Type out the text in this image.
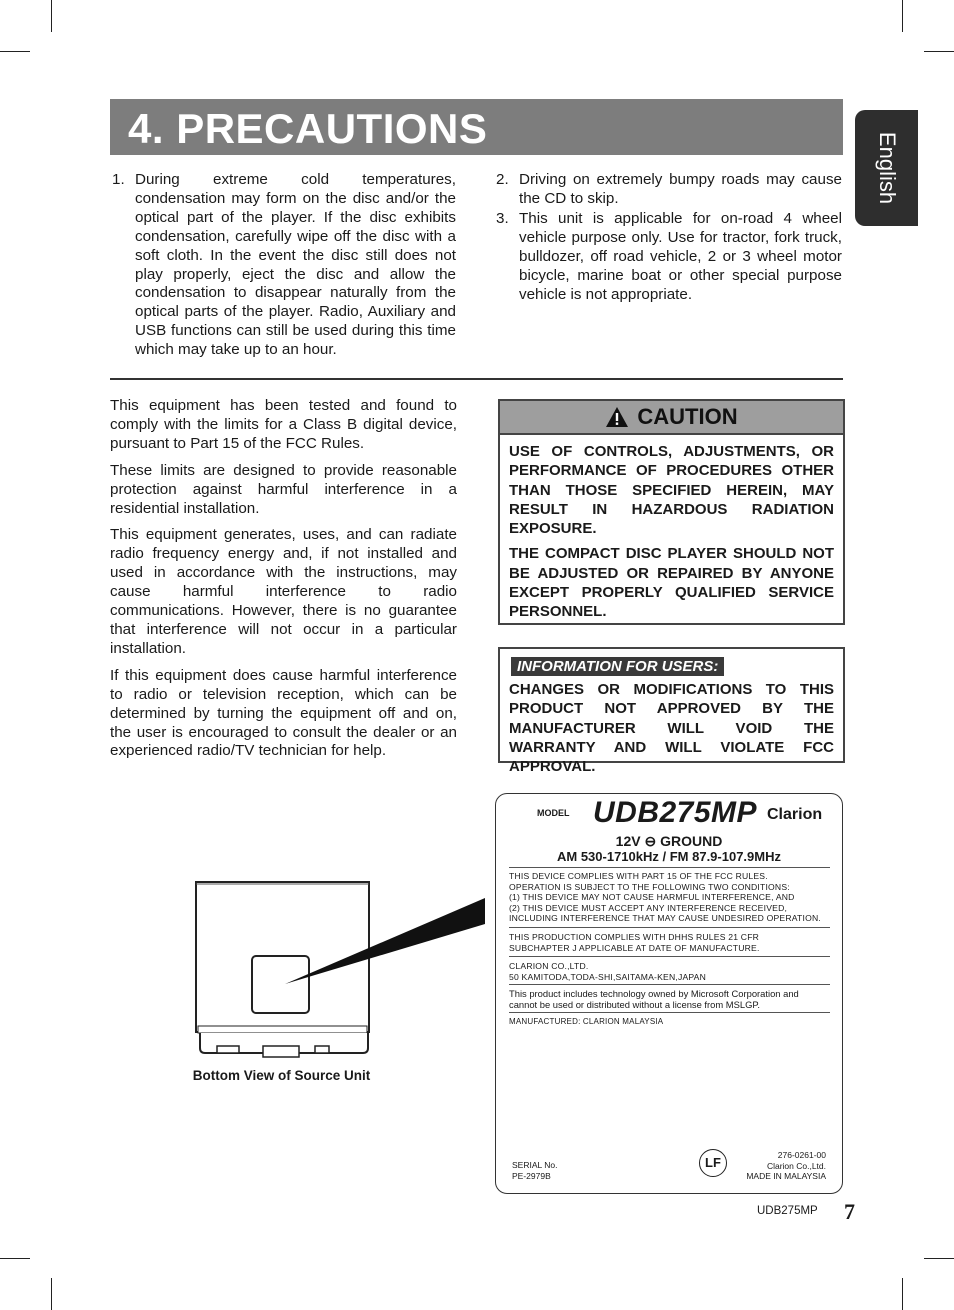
4. PRECAUTIONS
English
1. During extreme cold temperatures, condensation may form on the disc and/or the optical part of the player. If the disc exhibits condensation, carefully wipe off the disc with a soft cloth. In the event the disc still does not play properly, eject the disc and allow the condensation to disappear naturally from the optical parts of the player. Radio, Auxiliary and USB functions can still be used during this time which may take up to an hour.
2. Driving on extremely bumpy roads may cause the CD to skip.
3. This unit is applicable for on-road 4 wheel vehicle purpose only. Use for tractor, fork truck, bulldozer, off road vehicle, 2 or 3 wheel motor bicycle, marine boat or other special purpose vehicle is not appropriate.

This equipment has been tested and found to comply with the limits for a Class B digital device, pursuant to Part 15 of the FCC Rules.

These limits are designed to provide reasonable protection against harmful interference in a residential installation.

This equipment generates, uses, and can radiate radio frequency energy and, if not installed and used in accordance with the instructions, may cause harmful interference to radio communications. However, there is no guarantee that interference will not occur in a particular installation.

If this equipment does cause harmful interference to radio or television reception, which can be determined by turning the equipment off and on, the user is encouraged to consult the dealer or an experienced radio/TV technician for help.

CAUTION

USE OF CONTROLS, ADJUSTMENTS, OR PERFORMANCE OF PROCEDURES OTHER THAN THOSE SPECIFIED HEREIN, MAY RESULT IN HAZARDOUS RADIATION EXPOSURE.

THE COMPACT DISC PLAYER SHOULD NOT BE ADJUSTED OR REPAIRED BY ANYONE EXCEPT PROPERLY QUALIFIED SERVICE PERSONNEL.

INFORMATION FOR USERS:
CHANGES OR MODIFICATIONS TO THIS PRODUCT NOT APPROVED BY THE MANUFACTURER WILL VOID THE WARRANTY AND WILL VIOLATE FCC APPROVAL.
Bottom View of Source Unit
MODEL UDB275MP Clarion
12V ⊖ GROUND
AM 530-1710kHz / FM 87.9-107.9MHz
THIS DEVICE COMPLIES WITH PART 15 OF THE FCC RULES.
OPERATION IS SUBJECT TO THE FOLLOWING TWO CONDITIONS:
(1) THIS DEVICE MAY NOT CAUSE HARMFUL INTERFERENCE, AND
(2) THIS DEVICE MUST ACCEPT ANY INTERFERENCE RECEIVED,
INCLUDING INTERFERENCE THAT MAY CAUSE UNDESIRED OPERATION.
THIS PRODUCTION COMPLIES WITH DHHS RULES 21 CFR
SUBCHAPTER J APPLICABLE AT DATE OF MANUFACTURE.
CLARION CO.,LTD.
50 KAMITODA,TODA-SHI,SAITAMA-KEN,JAPAN
This product includes technology owned by Microsoft Corporation and
cannot be used or distributed without a license from MSLGP.
MANUFACTURED: CLARION MALAYSIA
SERIAL No.
PE-2979B
LF	276-0261-00
Clarion Co.,Ltd.
MADE IN MALAYSIA
UDB275MP 7
